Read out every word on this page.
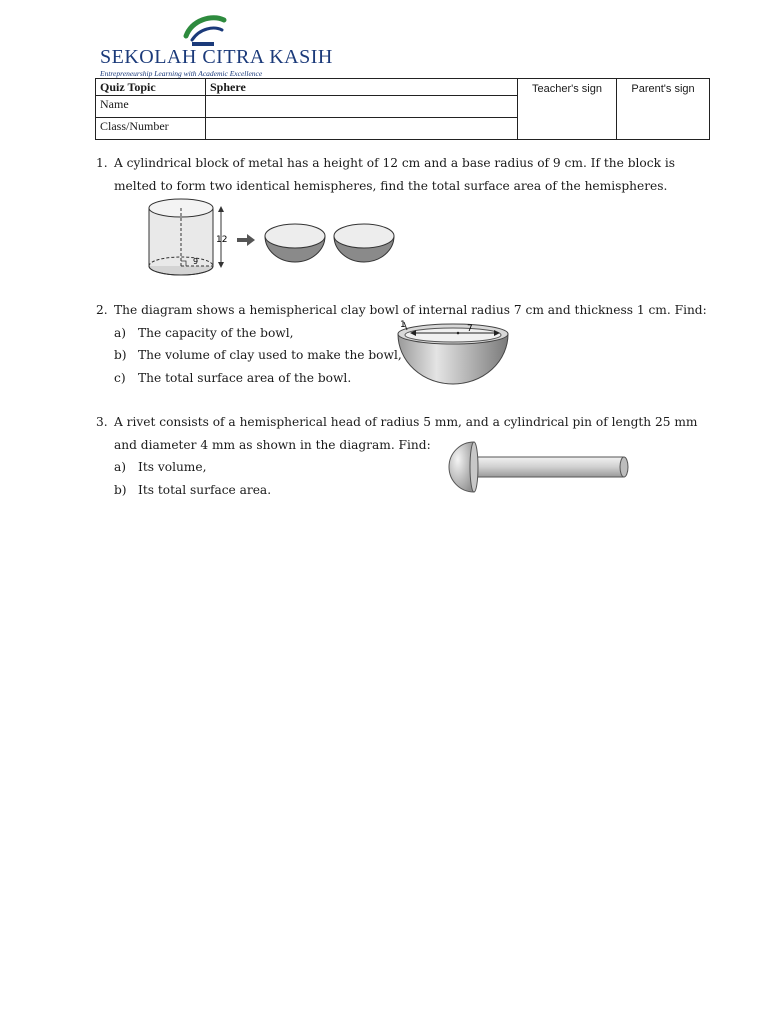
SEKOLAH CITRA KASIH
Entrepreneurship Learning with Academic Excellence
Quiz Topic	Sphere	Teacher's sign	Parent's sign
Name			
Class/Number			
1. A cylindrical block of metal has a height of 12 cm and a base radius of 9 cm. If the block is
melted to form two identical hemispheres, find the total surface area of the hemispheres.
9
12
2. The diagram shows a hemispherical clay bowl of internal radius 7 cm and thickness 1 cm. Find:
a) The capacity of the bowl,
b) The volume of clay used to make the bowl,
c) The total surface area of the bowl.
7
1
3. A rivet consists of a hemispherical head of radius 5 mm, and a cylindrical pin of length 25 mm
and diameter 4 mm as shown in the diagram. Find:
a) Its volume,
b) Its total surface area.
